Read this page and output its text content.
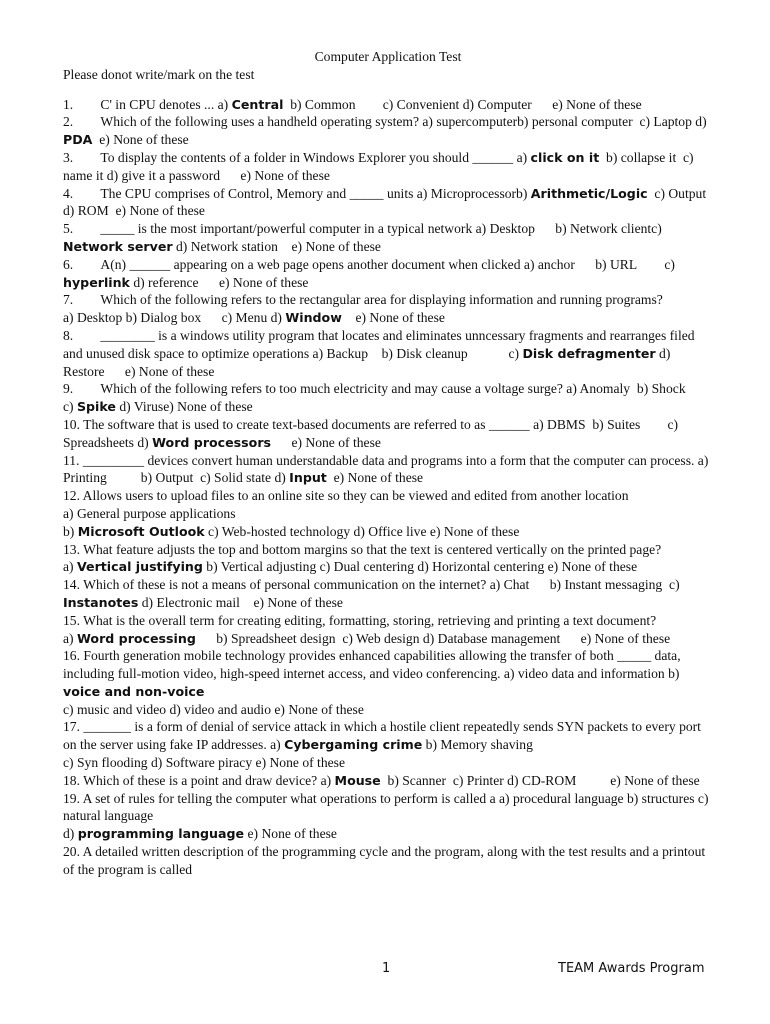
Computer Application Test

Please donot write/mark on the test

1.  C' in CPU denotes ... a) Central b) Common  c) Convenient d) Computer  e) None of these

2.  Which of the following uses a handheld operating system? a) supercomputerb) personal computer c) Laptop d) PDA e) None of these

3.  To display the contents of a folder in Windows Explorer you should ______ a) click on it b) collapse it c) name it d) give it a password  e) None of these

4.  The CPU comprises of Control, Memory and _____ units a) Microprocessorb) Arithmetic/Logic c) Output d) ROM e) None of these

5.  _____ is the most important/powerful computer in a typical network a) Desktop  b) Network clientc) Network server d) Network station  e) None of these

6.  A(n) ______ appearing on a web page opens another document when clicked a) anchor  b) URL  c) hyperlink d) reference  e) None of these

7.  Which of the following refers to the rectangular area for displaying information and running programs?
a) Desktop b) Dialog box  c) Menu d) Window  e) None of these

8.  ________ is a windows utility program that locates and eliminates unncessary fragments and rearranges filed and unused disk space to optimize operations a) Backup  b) Disk cleanup   c) Disk defragmenter d) Restore  e) None of these

9.  Which of the following refers to too much electricity and may cause a voltage surge? a) Anomaly b) Shock  c) Spike d) Viruse) None of these

10. The software that is used to create text-based documents are referred to as ______ a) DBMS b) Suites  c) Spreadsheets d) Word processors  e) None of these

11. _________ devices convert human understandable data and programs into a form that the computer can process. a) Printing   b) Output c) Solid state d) Input e) None of these

12. Allows users to upload files to an online site so they can be viewed and edited from another location
a) General purpose applications
b) Microsoft Outlook c) Web-hosted technology d) Office live e) None of these

13. What feature adjusts the top and bottom margins so that the text is centered vertically on the printed page?
a) Vertical justifying b) Vertical adjusting c) Dual centering d) Horizontal centering e) None of these

14. Which of these is not a means of personal communication on the internet? a) Chat  b) Instant messaging c) Instanotes d) Electronic mail e) None of these

15. What is the overall term for creating editing, formatting, storing, retrieving and printing a text document?
a) Word processing  b) Spreadsheet design c) Web design d) Database management  e) None of these

16. Fourth generation mobile technology provides enhanced capabilities allowing the transfer of both _____ data, including full-motion video, high-speed internet access, and video conferencing. a) video data and information b) voice and non-voice
c) music and video d) video and audio e) None of these

17. _______ is a form of denial of service attack in which a hostile client repeatedly sends SYN packets to every port on the server using fake IP addresses. a) Cybergaming crime b) Memory shaving
c) Syn flooding d) Software piracy e) None of these

18. Which of these is a point and draw device? a) Mouse b) Scanner c) Printer d) CD-ROM   e) None of these

19. A set of rules for telling the computer what operations to perform is called a a) procedural language b) structures c) natural language
d) programming language e) None of these

20. A detailed written description of the programming cycle and the program, along with the test results and a printout of the program is called

1	TEAM Awards Program
